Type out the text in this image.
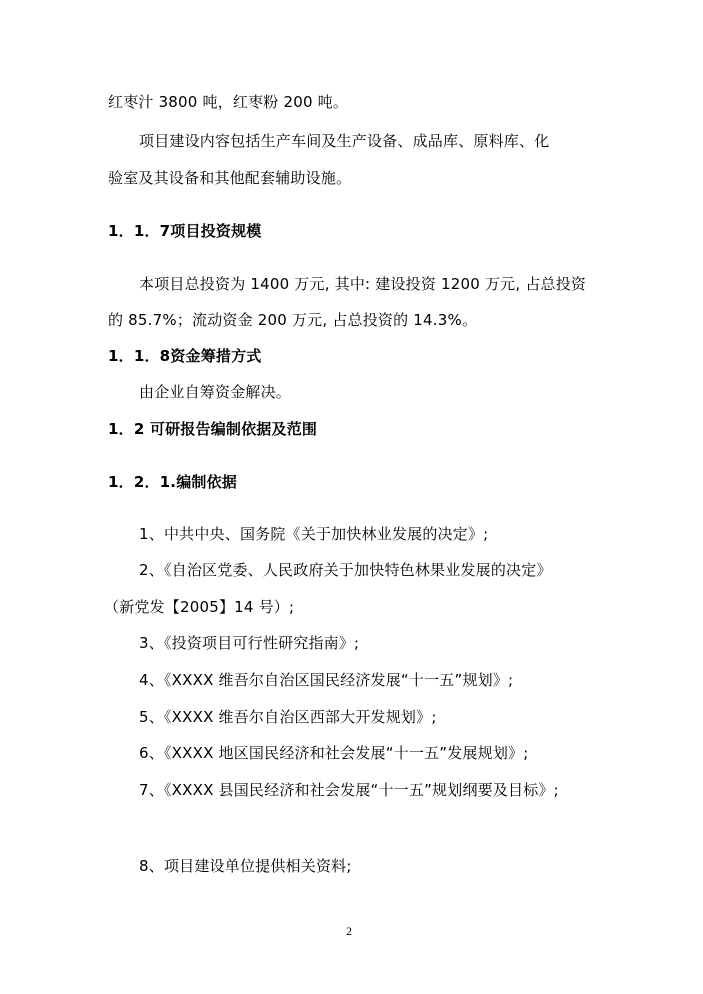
红枣汁 3800 吨，红枣粉 200 吨。
项目建设内容包括生产车间及生产设备、成品库、原料库、化
验室及其设备和其他配套辅助设施。
1．1．7项目投资规模
本项目总投资为 1400 万元, 其中: 建设投资 1200 万元, 占总投资
的 85.7%；流动资金 200 万元, 占总投资的 14.3%。
1．1．8资金筹措方式
由企业自筹资金解决。
1．2 可研报告编制依据及范围
1．2．1.编制依据
1、中共中央、国务院《关于加快林业发展的决定》;
2、《自治区党委、人民政府关于加快特色林果业发展的决定》
（新党发【2005】14 号）;
3、《投资项目可行性研究指南》;
4、《XXXX 维吾尔自治区国民经济发展“十一五”规划》;
5、《XXXX 维吾尔自治区西部大开发规划》;
6、《XXXX 地区国民经济和社会发展“十一五”发展规划》;
7、《XXXX 县国民经济和社会发展“十一五”规划纲要及目标》;
8、项目建设单位提供相关资料;
2
